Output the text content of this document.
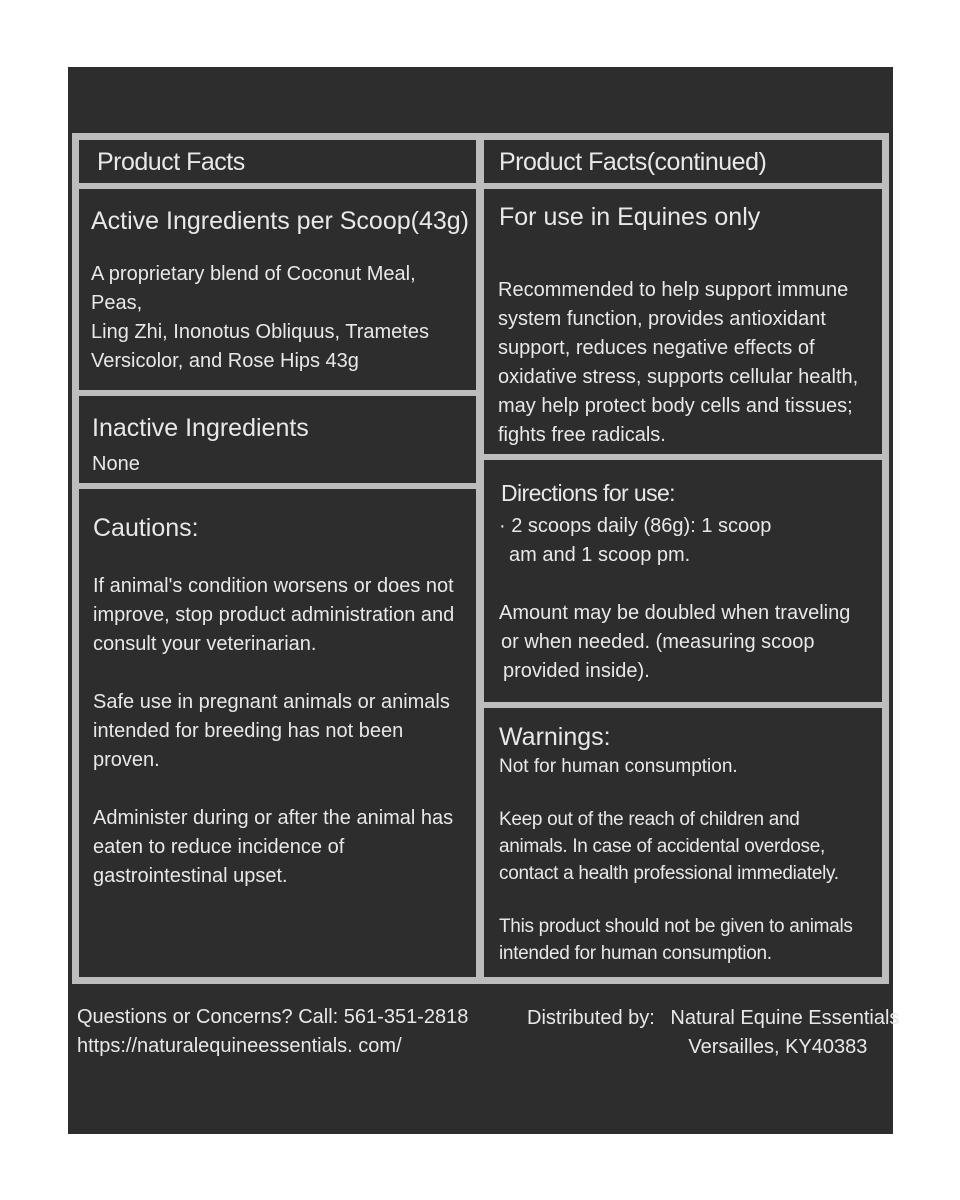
Product Facts

Active Ingredients per Scoop(43g)

A proprietary blend of Coconut Meal, Peas,
Ling Zhi, Inonotus Obliquus, Trametes
Versicolor, and Rose Hips 43g

Inactive Ingredients

None

Cautions:

If animal's condition worsens or does not
improve, stop product administration and
consult your veterinarian.
Safe use in pregnant animals or animals
intended for breeding has not been
proven.
Administer during or after the animal has
eaten to reduce incidence of
gastrointestinal upset.

Product Facts(continued)

For use in Equines only

Recommended to help support immune
system function, provides antioxidant
support, reduces negative effects of
oxidative stress, supports cellular health,
may help protect body cells and tissues;
fights free radicals.

Directions for use:

· 2 scoops daily (86g): 1 scoop
am and 1 scoop pm.
Amount may be doubled when traveling
or when needed. (measuring scoop
provided inside).

Warnings:

Not for human consumption.

Keep out of the reach of children and
animals. In case of accidental overdose,
contact a health professional immediately.
This product should not be given to animals
intended for human consumption.
Questions or Concerns? Call: 561-351-2818
https://naturalequineessentials. com/
Distributed by: Natural Equine Essentials
Versailles, KY40383
